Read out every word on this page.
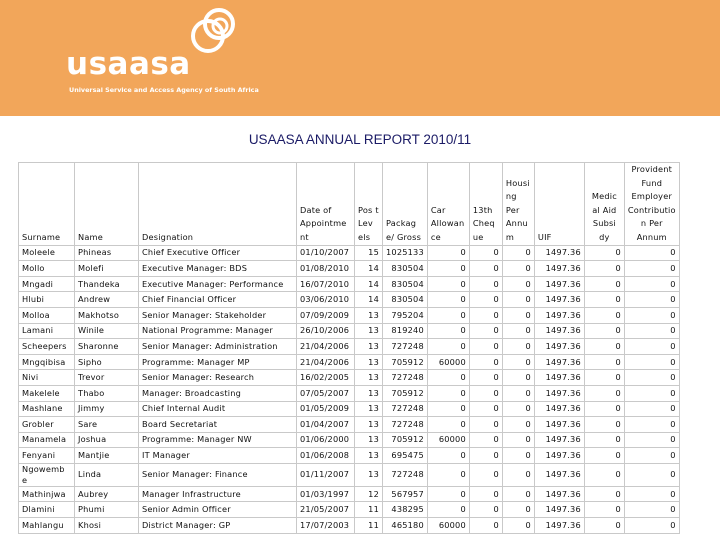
usaasa
Universal Service and Access Agency of South Africa
USAASA ANNUAL REPORT 2010/11
Surname	Name	Designation	Date of Appointme nt	Pos t Lev els	Packag e/ Gross	Car Allowan ce	13th Cheq ue	Housi ng Per Annu m	UIF	Medic al Aid Subsi dy	Provident Fund Employer Contributio n Per Annum
Moleele	Phineas	Chief Executive Officer	01/10/2007	15	1025133	0	0	0	1497.36	0	0
Mollo	Molefi	Executive Manager: BDS	01/08/2010	14	830504	0	0	0	1497.36	0	0
Mngadi	Thandeka	Executive Manager: Performance	16/07/2010	14	830504	0	0	0	1497.36	0	0
Hlubi	Andrew	Chief Financial Officer	03/06/2010	14	830504	0	0	0	1497.36	0	0
Molloa	Makhotso	Senior Manager: Stakeholder	07/09/2009	13	795204	0	0	0	1497.36	0	0
Lamani	Winile	National Programme: Manager	26/10/2006	13	819240	0	0	0	1497.36	0	0
Scheepers	Sharonne	Senior Manager: Administration	21/04/2006	13	727248	0	0	0	1497.36	0	0
Mngqibisa	Sipho	Programme: Manager MP	21/04/2006	13	705912	60000	0	0	1497.36	0	0
Nivi	Trevor	Senior Manager: Research	16/02/2005	13	727248	0	0	0	1497.36	0	0
Makelele	Thabo	Manager: Broadcasting	07/05/2007	13	705912	0	0	0	1497.36	0	0
Mashlane	Jimmy	Chief Internal Audit	01/05/2009	13	727248	0	0	0	1497.36	0	0
Grobler	Sare	Board Secretariat	01/04/2007	13	727248	0	0	0	1497.36	0	0
Manamela	Joshua	Programme: Manager NW	01/06/2000	13	705912	60000	0	0	1497.36	0	0
Fenyani	Mantjie	IT Manager	01/06/2008	13	695475	0	0	0	1497.36	0	0
Ngowemb e	Linda	Senior Manager: Finance	01/11/2007	13	727248	0	0	0	1497.36	0	0
Mathinjwa	Aubrey	Manager Infrastructure	01/03/1997	12	567957	0	0	0	1497.36	0	0
Dlamini	Phumi	Senior Admin Officer	21/05/2007	11	438295	0	0	0	1497.36	0	0
Mahlangu	Khosi	District Manager: GP	17/07/2003	11	465180	60000	0	0	1497.36	0	0
